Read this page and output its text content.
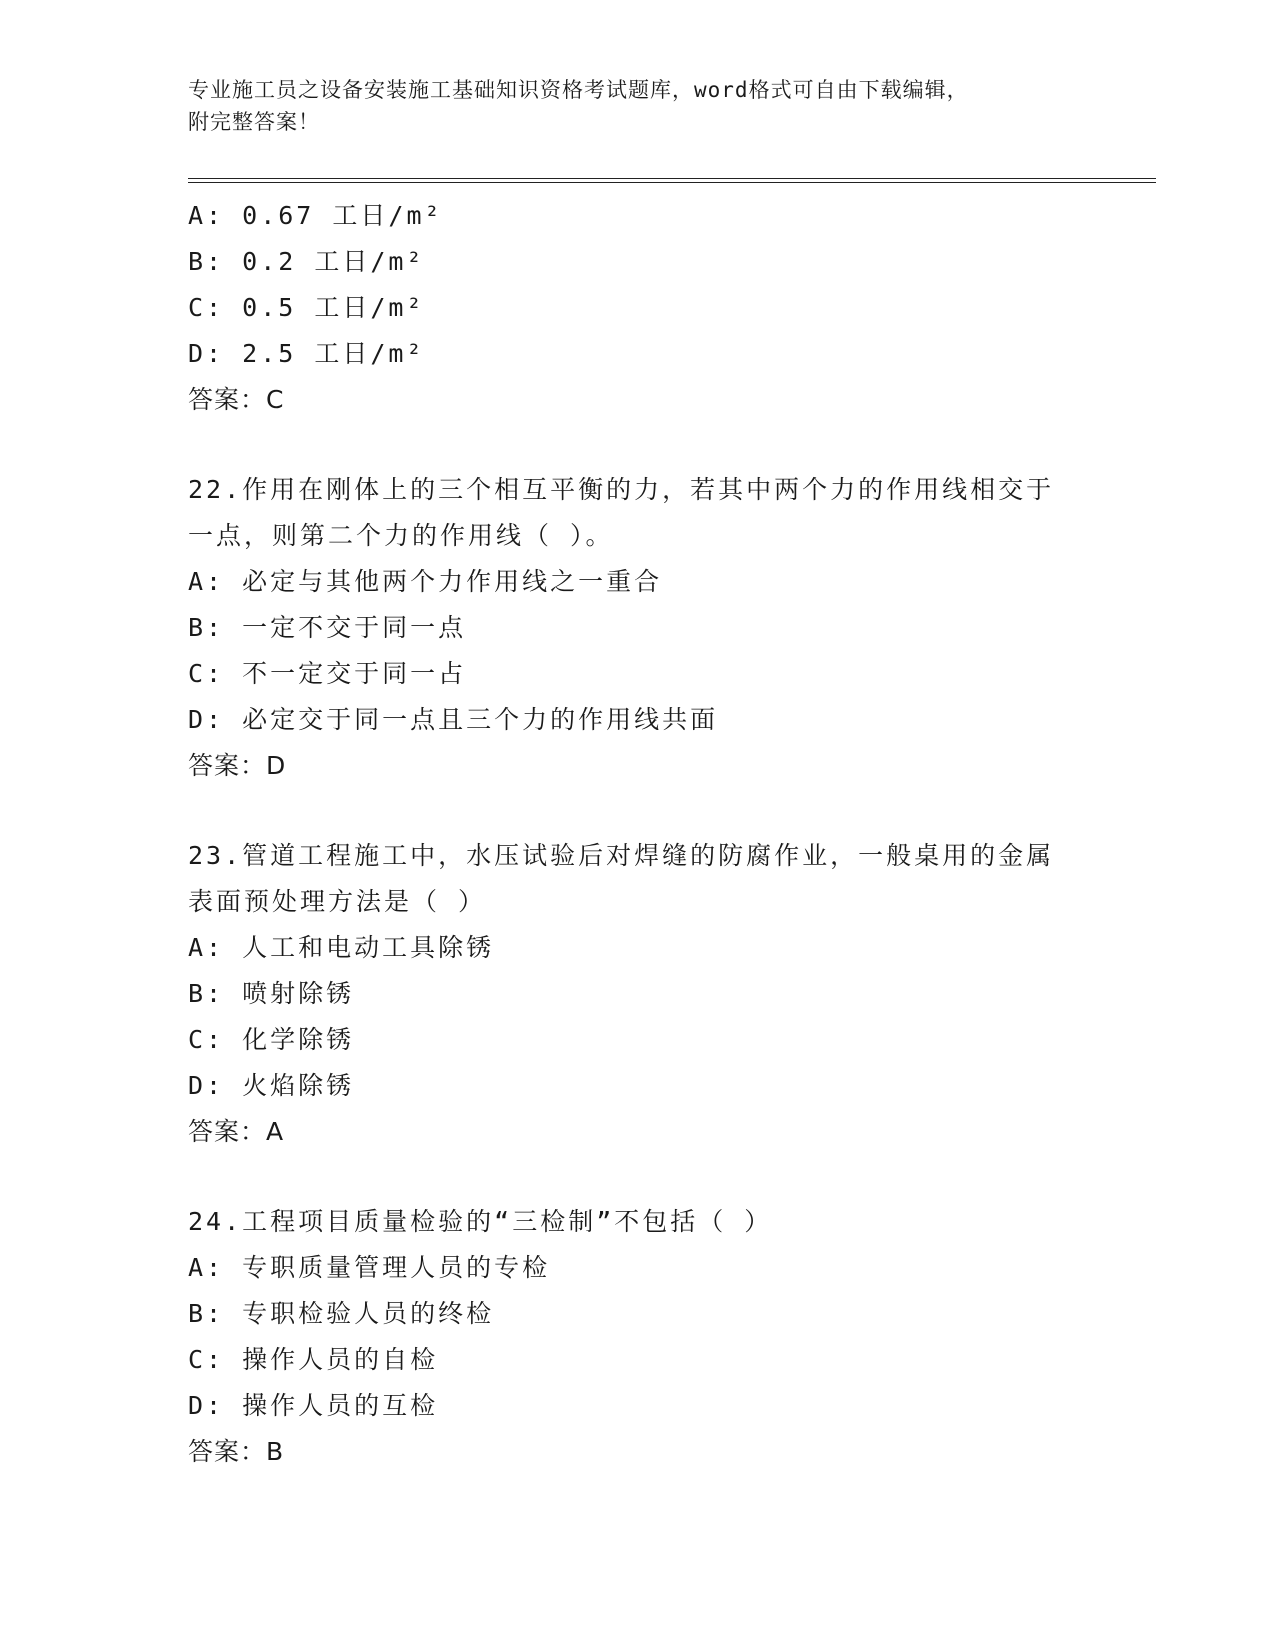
专业施工员之设备安装施工基础知识资格考试题库，word格式可自由下载编辑，
附完整答案！
A: 0.67 工日/m²
B: 0.2 工日/m²
C: 0.5 工日/m²
D: 2.5 工日/m²
答案：C
22.作用在刚体上的三个相互平衡的力，若其中两个力的作用线相交于
一点，则第二个力的作用线（ ）。
A: 必定与其他两个力作用线之一重合
B: 一定不交于同一点
C: 不一定交于同一占
D: 必定交于同一点且三个力的作用线共面
答案：D
23.管道工程施工中，水压试验后对焊缝的防腐作业，一般桌用的金属
表面预处理方法是（ ）
A: 人工和电动工具除锈
B: 喷射除锈
C: 化学除锈
D: 火焰除锈
答案：A
24.工程项目质量检验的“三检制”不包括（ ）
A: 专职质量管理人员的专检
B: 专职检验人员的终检
C: 操作人员的自检
D: 操作人员的互检
答案：B
